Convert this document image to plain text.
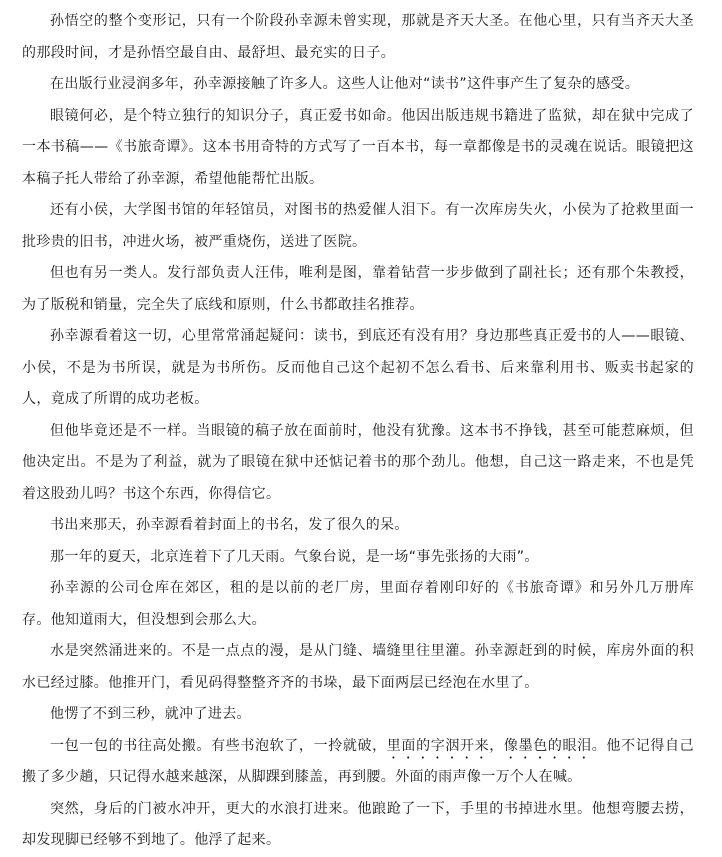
孙悟空的整个变形记，只有一个阶段孙幸源未曾实现，那就是齐天大圣。在他心里，只有当齐天大圣的那段时间，才是孙悟空最自由、最舒坦、最充实的日子。

在出版行业浸润多年，孙幸源接触了许多人。这些人让他对“读书”这件事产生了复杂的感受。

眼镜何必，是个特立独行的知识分子，真正爱书如命。他因出版违规书籍进了监狱，却在狱中完成了一本书稿——《书旅奇谭》。这本书用奇特的方式写了一百本书，每一章都像是书的灵魂在说话。眼镜把这本稿子托人带给了孙幸源，希望他能帮忙出版。

还有小侯，大学图书馆的年轻馆员，对图书的热爱催人泪下。有一次库房失火，小侯为了抢救里面一批珍贵的旧书，冲进火场，被严重烧伤，送进了医院。

但也有另一类人。发行部负责人汪伟，唯利是图，靠着钻营一步步做到了副社长；还有那个朱教授，为了版税和销量，完全失了底线和原则，什么书都敢挂名推荐。

孙幸源看着这一切，心里常常涌起疑问：读书，到底还有没有用？身边那些真正爱书的人——眼镜、小侯，不是为书所误，就是为书所伤。反而他自己这个起初不怎么看书、后来靠利用书、贩卖书起家的人，竟成了所谓的成功老板。

但他毕竟还是不一样。当眼镜的稿子放在面前时，他没有犹豫。这本书不挣钱，甚至可能惹麻烦，但他决定出。不是为了利益，就为了眼镜在狱中还惦记着书的那个劲儿。他想，自己这一路走来，不也是凭着这股劲儿吗？书这个东西，你得信它。

书出来那天，孙幸源看着封面上的书名，发了很久的呆。

那一年的夏天，北京连着下了几天雨。气象台说，是一场“事先张扬的大雨”。

孙幸源的公司仓库在郊区，租的是以前的老厂房，里面存着刚印好的《书旅奇谭》和另外几万册库存。他知道雨大，但没想到会那么大。

水是突然涌进来的。不是一点点的漫，是从门缝、墙缝里往里灌。孙幸源赶到的时候，库房外面的积水已经过膝。他推开门，看见码得整整齐齐的书垛，最下面两层已经泡在水里了。

他愣了不到三秒，就冲了进去。

一包一包的书往高处搬。有些书泡软了，一拎就破，里面的字洇开来，像墨色的眼泪。他不记得自己搬了多少趟，只记得水越来越深，从脚踝到膝盖，再到腰。外面的雨声像一万个人在喊。

突然，身后的门被水冲开，更大的水浪打进来。他踉跄了一下，手里的书掉进水里。他想弯腰去捞，却发现脚已经够不到地了。他浮了起来。
